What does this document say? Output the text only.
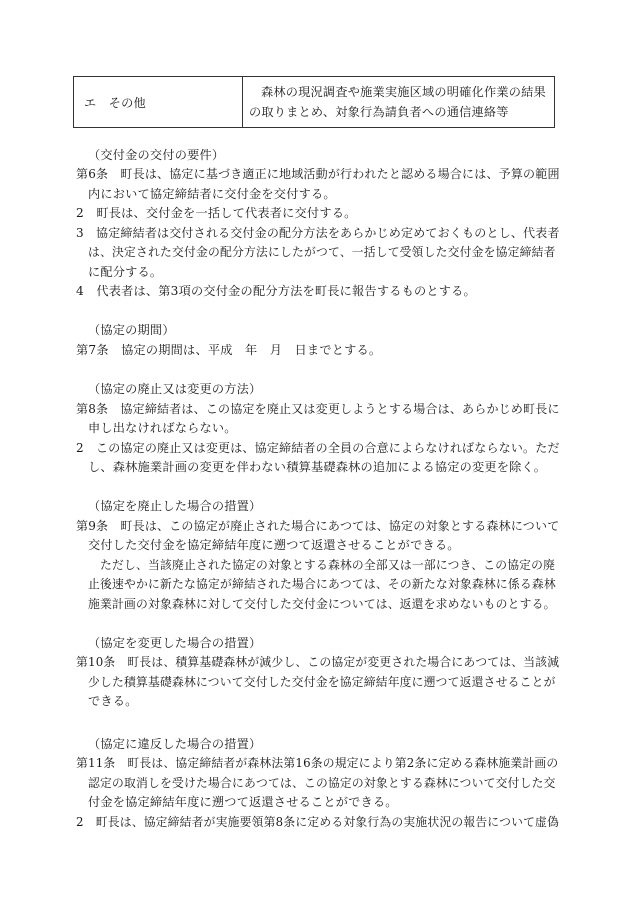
エ　その他	森林の現況調査や施業実施区域の明確化作業の結果の取りまとめ、対象行為請負者への通信連絡等
（交付金の交付の要件）
第6条　町長は、協定に基づき適正に地域活動が行われたと認める場合には、予算の範囲
内において協定締結者に交付金を交付する。
2　町長は、交付金を一括して代表者に交付する。
3　協定締結者は交付される交付金の配分方法をあらかじめ定めておくものとし、代表者
は、決定された交付金の配分方法にしたがつて、一括して受領した交付金を協定締結者
に配分する。
4　代表者は、第3項の交付金の配分方法を町長に報告するものとする。
（協定の期間）
第7条　協定の期間は、平成　年　月　日までとする。
（協定の廃止又は変更の方法）
第8条　協定締結者は、この協定を廃止又は変更しようとする場合は、あらかじめ町長に
申し出なければならない。
2　この協定の廃止又は変更は、協定締結者の全員の合意によらなければならない。ただ
し、森林施業計画の変更を伴わない積算基礎森林の追加による協定の変更を除く。
（協定を廃止した場合の措置）
第9条　町長は、この協定が廃止された場合にあつては、協定の対象とする森林について
交付した交付金を協定締結年度に遡つて返還させることができる。
ただし、当該廃止された協定の対象とする森林の全部又は一部につき、この協定の廃
止後速やかに新たな協定が締結された場合にあつては、その新たな対象森林に係る森林
施業計画の対象森林に対して交付した交付金については、返還を求めないものとする。
（協定を変更した場合の措置）
第10条　町長は、積算基礎森林が減少し、この協定が変更された場合にあつては、当該減
少した積算基礎森林について交付した交付金を協定締結年度に遡つて返還させることが
できる。
（協定に違反した場合の措置）
第11条　町長は、協定締結者が森林法第16条の規定により第2条に定める森林施業計画の
認定の取消しを受けた場合にあつては、この協定の対象とする森林について交付した交
付金を協定締結年度に遡つて返還させることができる。
2　町長は、協定締結者が実施要領第8条に定める対象行為の実施状況の報告について虚偽
